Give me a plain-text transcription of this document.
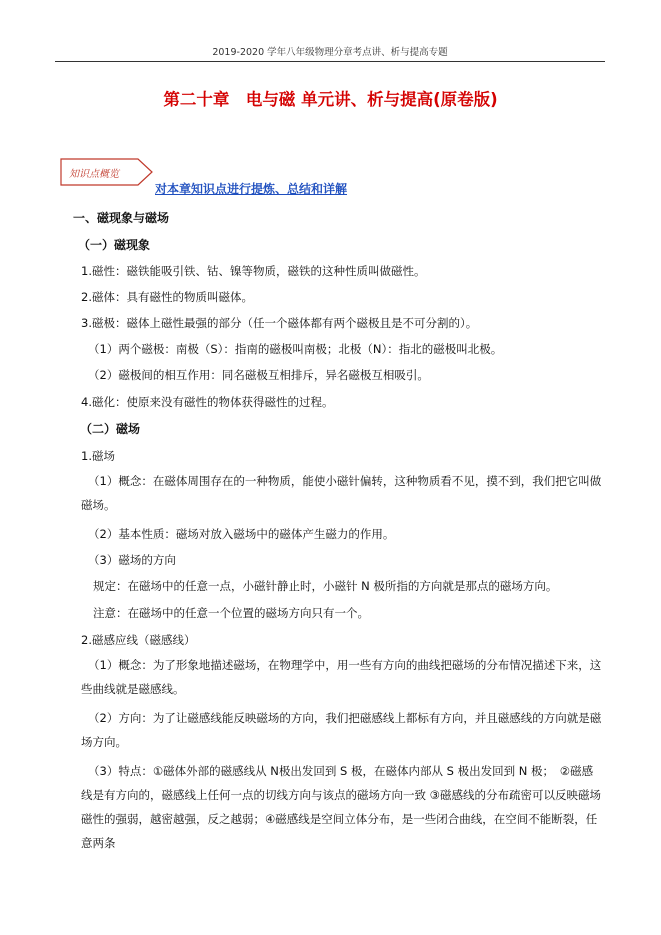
2019-2020 学年八年级物理分章考点讲、析与提高专题
第二十章　电与磁 单元讲、析与提高(原卷版)
知识点概览
对本章知识点进行提炼、总结和详解
一、磁现象与磁场
（一）磁现象
1.磁性：磁铁能吸引铁、钴、镍等物质，磁铁的这种性质叫做磁性。
2.磁体：具有磁性的物质叫磁体。
3.磁极：磁体上磁性最强的部分（任一个磁体都有两个磁极且是不可分割的）。
（1）两个磁极：南极（S）：指南的磁极叫南极；北极（N）：指北的磁极叫北极。
（2）磁极间的相互作用：同名磁极互相排斥，异名磁极互相吸引。
4.磁化：使原来没有磁性的物体获得磁性的过程。
（二）磁场
1.磁场
（1）概念：在磁体周围存在的一种物质，能使小磁针偏转，这种物质看不见，摸不到，我们把它叫做磁场。
（2）基本性质：磁场对放入磁场中的磁体产生磁力的作用。
（3）磁场的方向
规定：在磁场中的任意一点，小磁针静止时，小磁针 N 极所指的方向就是那点的磁场方向。
注意：在磁场中的任意一个位置的磁场方向只有一个。
2.磁感应线（磁感线）
（1）概念：为了形象地描述磁场，在物理学中，用一些有方向的曲线把磁场的分布情况描述下来，这些曲线就是磁感线。
（2）方向：为了让磁感线能反映磁场的方向，我们把磁感线上都标有方向，并且磁感线的方向就是磁场方向。
（3）特点：①磁体外部的磁感线从 N极出发回到 S 极，在磁体内部从 S 极出发回到 N 极；　②磁感线是有方向的，磁感线上任何一点的切线方向与该点的磁场方向一致 ③磁感线的分布疏密可以反映磁场磁性的强弱，越密越强，反之越弱；④磁感线是空间立体分布，是一些闭合曲线，在空间不能断裂，任意两条
